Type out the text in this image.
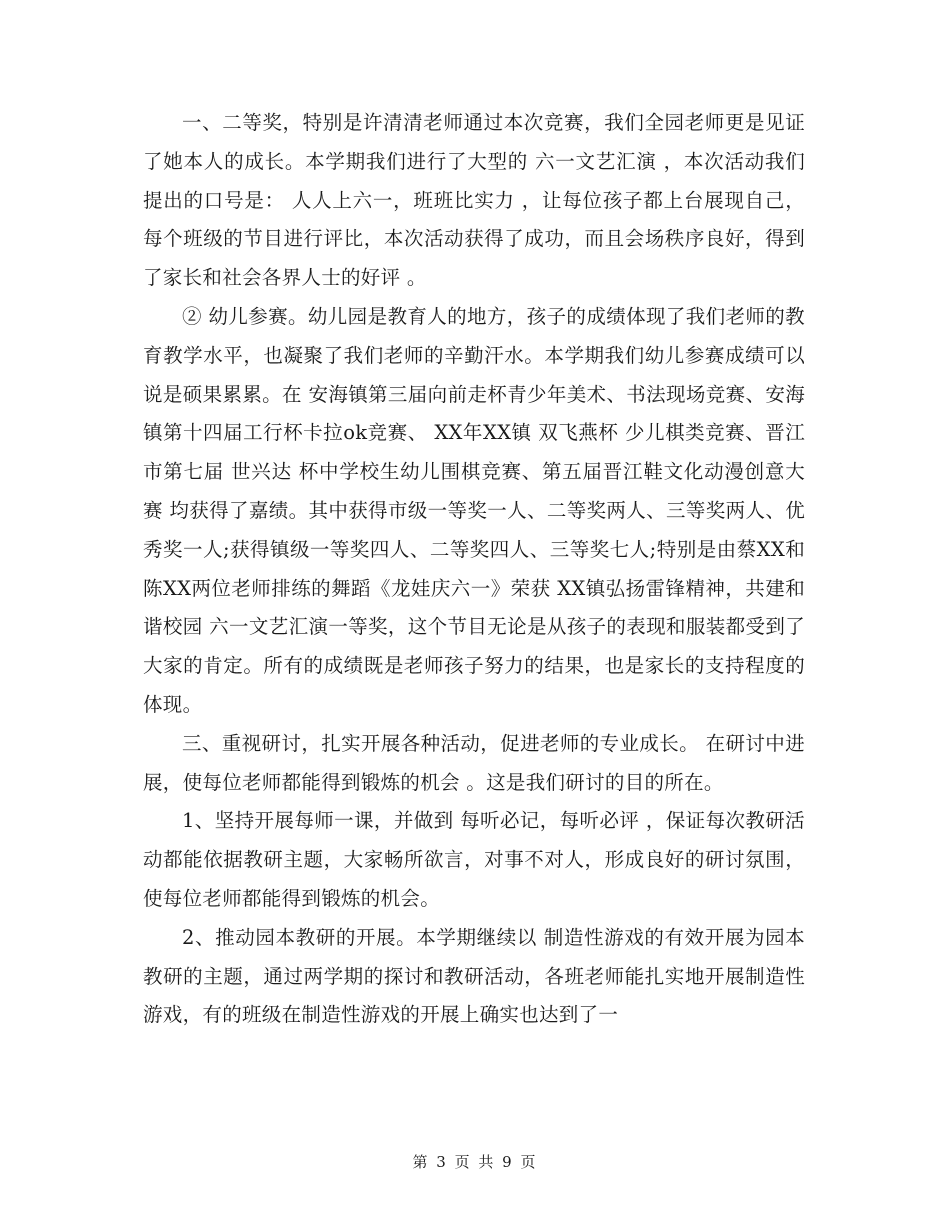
一、二等奖，特别是许清清老师通过本次竞赛，我们全园老师更是见证了她本人的成长。本学期我们进行了大型的 六一文艺汇演 ，本次活动我们提出的口号是： 人人上六一，班班比实力 ，让每位孩子都上台展现自己，每个班级的节目进行评比，本次活动获得了成功，而且会场秩序良好，得到了家长和社会各界人士的好评 。

② 幼儿参赛。幼儿园是教育人的地方，孩子的成绩体现了我们老师的教育教学水平，也凝聚了我们老师的辛勤汗水。本学期我们幼儿参赛成绩可以说是硕果累累。在 安海镇第三届向前走杯青少年美术、书法现场竞赛、安海镇第十四届工行杯卡拉ok竞赛、 XX年XX镇 双飞燕杯 少儿棋类竞赛、晋江市第七届 世兴达 杯中学校生幼儿围棋竞赛、第五届晋江鞋文化动漫创意大赛 均获得了嘉绩。其中获得市级一等奖一人、二等奖两人、三等奖两人、优秀奖一人;获得镇级一等奖四人、二等奖四人、三等奖七人;特别是由蔡XX和陈XX两位老师排练的舞蹈《龙娃庆六一》荣获 XX镇弘扬雷锋精神，共建和谐校园 六一文艺汇演一等奖，这个节目无论是从孩子的表现和服装都受到了大家的肯定。所有的成绩既是老师孩子努力的结果，也是家长的支持程度的体现。

三、重视研讨，扎实开展各种活动，促进老师的专业成长。 在研讨中进展，使每位老师都能得到锻炼的机会 。这是我们研讨的目的所在。

1、坚持开展每师一课，并做到 每听必记，每听必评 ，保证每次教研活动都能依据教研主题，大家畅所欲言，对事不对人，形成良好的研讨氛围，使每位老师都能得到锻炼的机会。

2、推动园本教研的开展。本学期继续以 制造性游戏的有效开展为园本教研的主题，通过两学期的探讨和教研活动，各班老师能扎实地开展制造性游戏，有的班级在制造性游戏的开展上确实也达到了一

第 3 页 共 9 页
